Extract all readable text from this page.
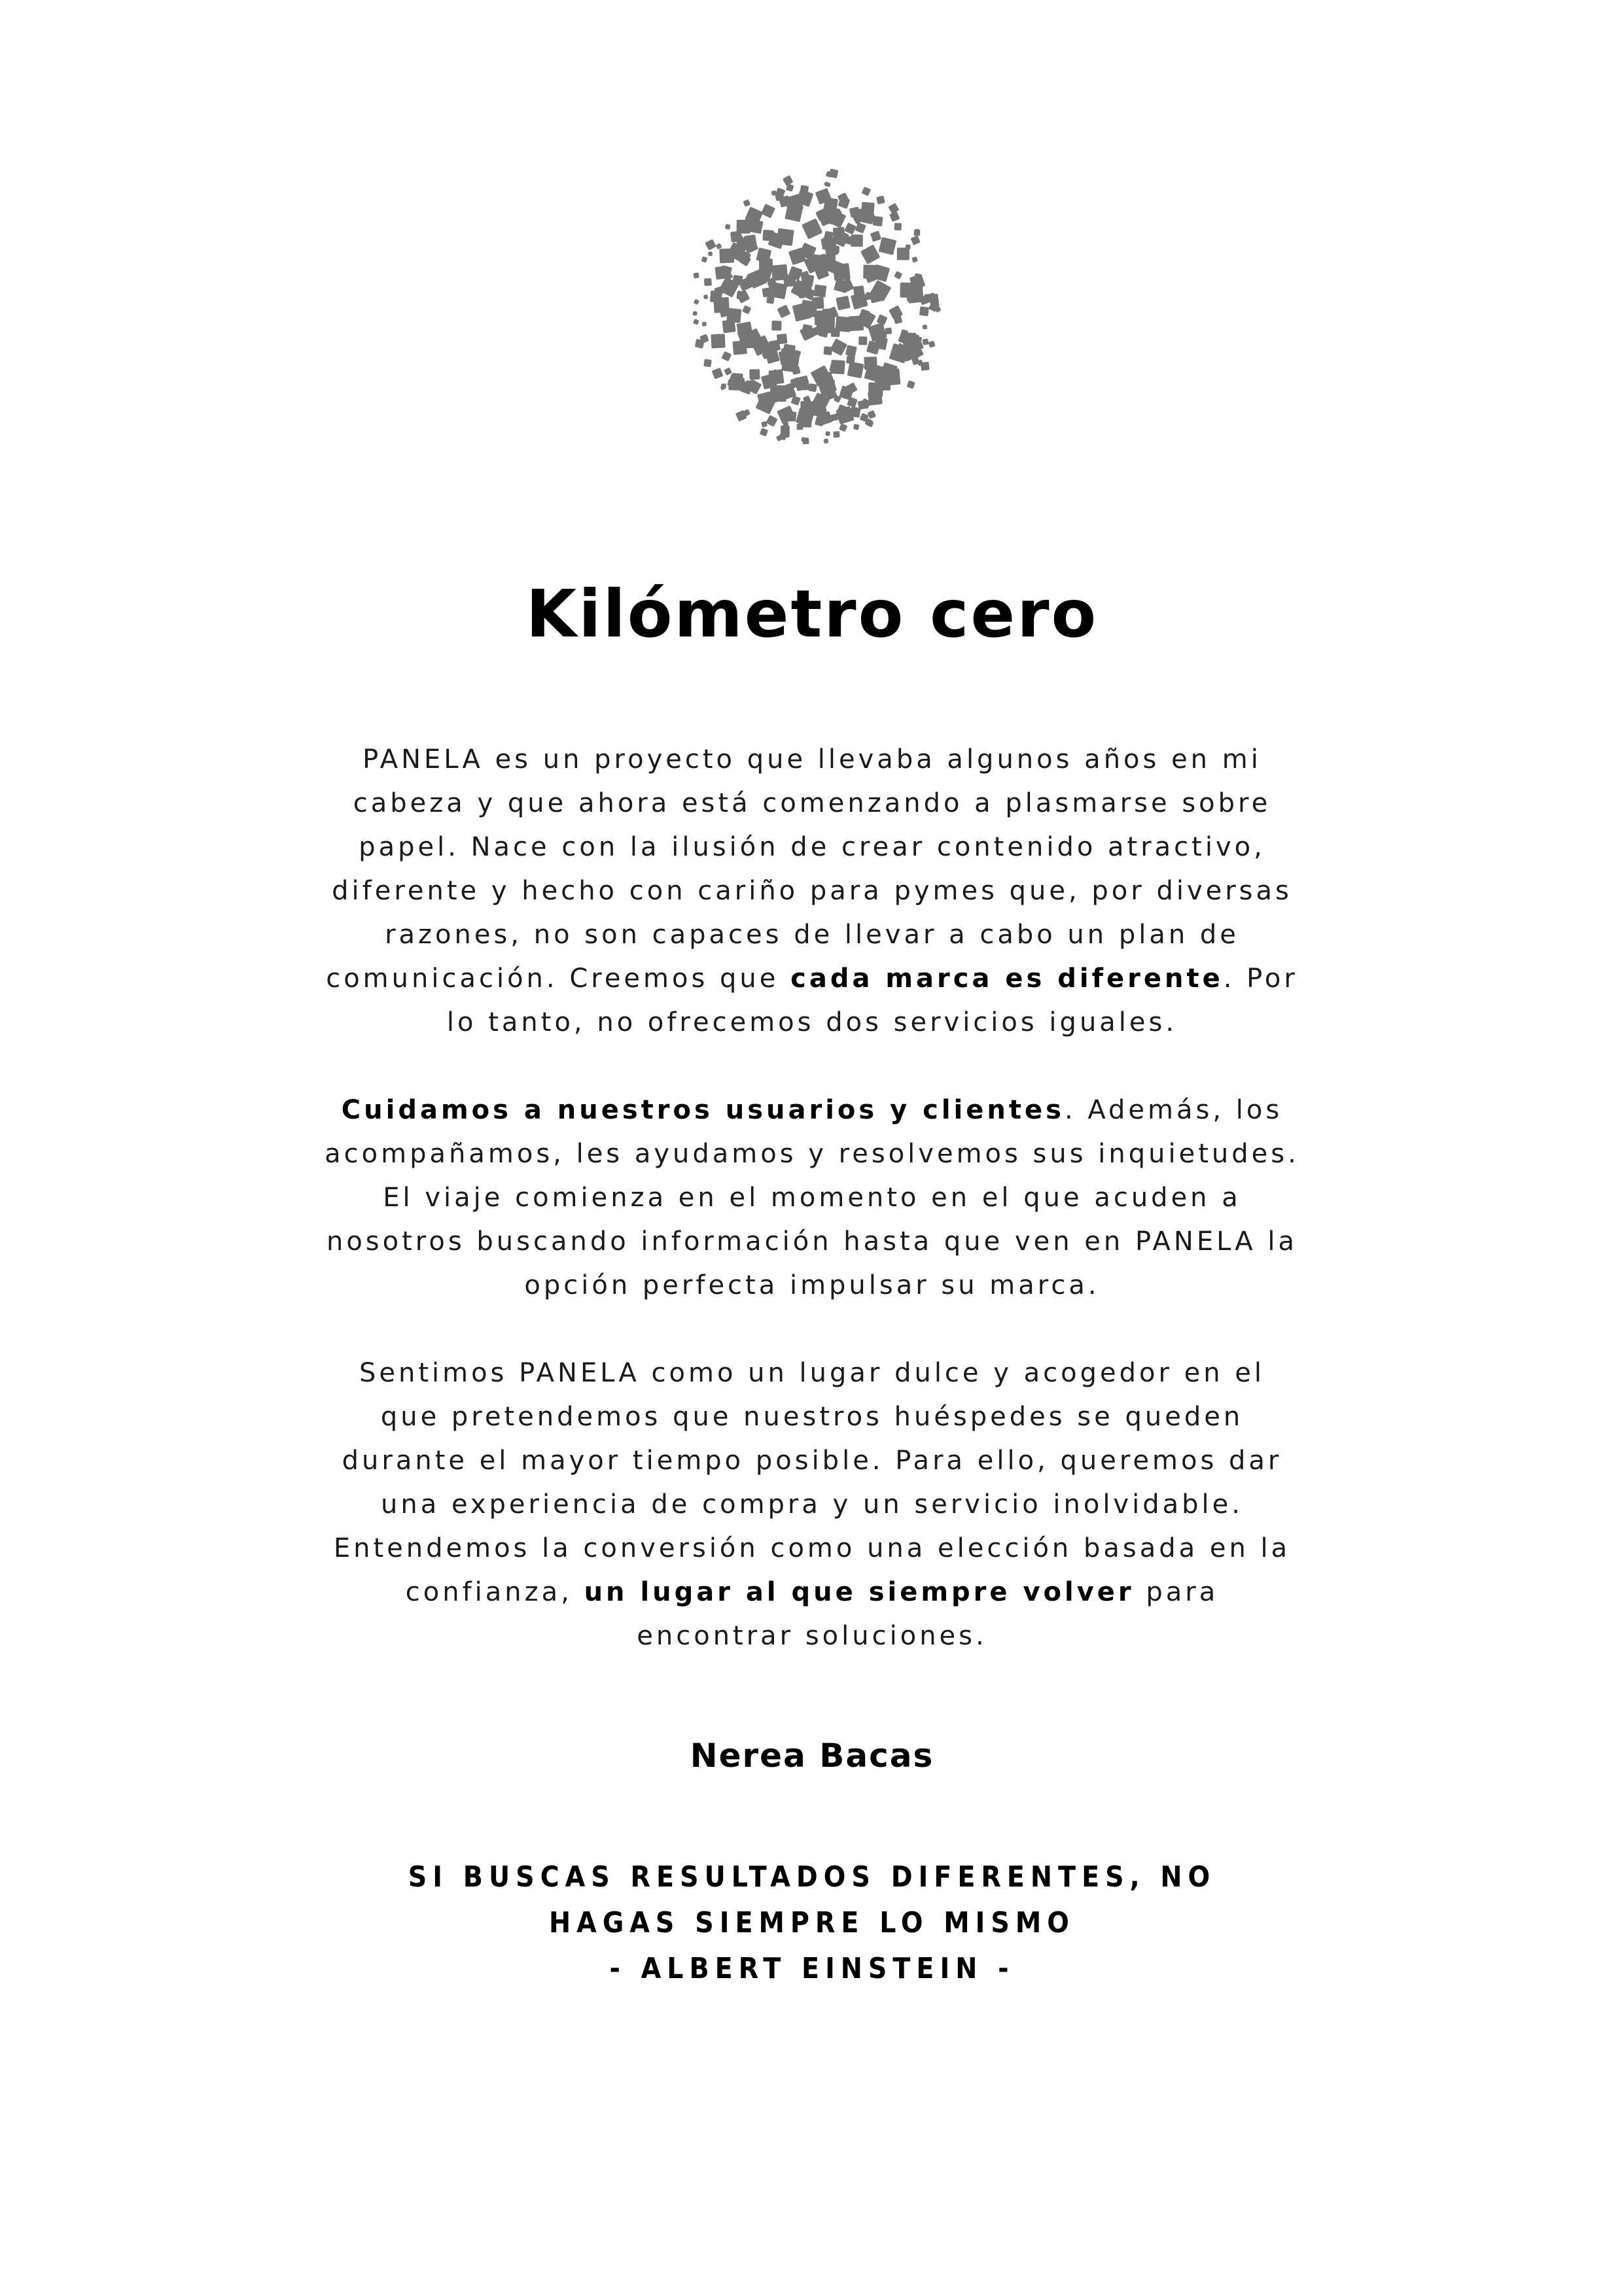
Kilómetro cero

PANELA es un proyecto que llevaba algunos años en mi cabeza y que ahora está comenzando a plasmarse sobre papel. Nace con la ilusión de crear contenido atractivo, diferente y hecho con cariño para pymes que, por diversas razones, no son capaces de llevar a cabo un plan de comunicación. Creemos que cada marca es diferente. Por lo tanto, no ofrecemos dos servicios iguales.

Cuidamos a nuestros usuarios y clientes. Además, los acompañamos, les ayudamos y resolvemos sus inquietudes. El viaje comienza en el momento en el que acuden a nosotros buscando información hasta que ven en PANELA la opción perfecta impulsar su marca.

Sentimos PANELA como un lugar dulce y acogedor en el que pretendemos que nuestros huéspedes se queden durante el mayor tiempo posible. Para ello, queremos dar una experiencia de compra y un servicio inolvidable. Entendemos la conversión como una elección basada en la confianza, un lugar al que siempre volver para encontrar soluciones.

Nerea Bacas
SI BUSCAS RESULTADOS DIFERENTES, NO HAGAS SIEMPRE LO MISMO
- ALBERT EINSTEIN -
